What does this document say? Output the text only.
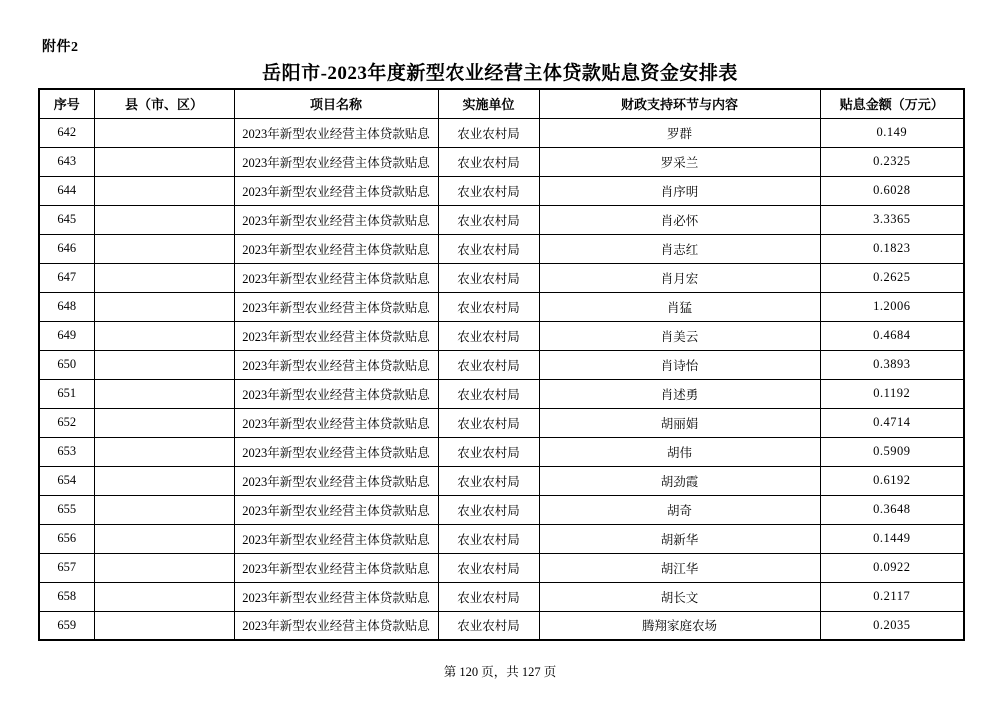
附件2
岳阳市-2023年度新型农业经营主体贷款贴息资金安排表
序号	县（市、区）	项目名称	实施单位	财政支持环节与内容	贴息金额（万元）
642		2023年新型农业经营主体贷款贴息	农业农村局	罗群	0.149
643		2023年新型农业经营主体贷款贴息	农业农村局	罗采兰	0.2325
644		2023年新型农业经营主体贷款贴息	农业农村局	肖序明	0.6028
645		2023年新型农业经营主体贷款贴息	农业农村局	肖必怀	3.3365
646		2023年新型农业经营主体贷款贴息	农业农村局	肖志红	0.1823
647		2023年新型农业经营主体贷款贴息	农业农村局	肖月宏	0.2625
648		2023年新型农业经营主体贷款贴息	农业农村局	肖猛	1.2006
649		2023年新型农业经营主体贷款贴息	农业农村局	肖美云	0.4684
650		2023年新型农业经营主体贷款贴息	农业农村局	肖诗怡	0.3893
651		2023年新型农业经营主体贷款贴息	农业农村局	肖述勇	0.1192
652		2023年新型农业经营主体贷款贴息	农业农村局	胡丽娟	0.4714
653		2023年新型农业经营主体贷款贴息	农业农村局	胡伟	0.5909
654		2023年新型农业经营主体贷款贴息	农业农村局	胡劲霞	0.6192
655		2023年新型农业经营主体贷款贴息	农业农村局	胡奇	0.3648
656		2023年新型农业经营主体贷款贴息	农业农村局	胡新华	0.1449
657		2023年新型农业经营主体贷款贴息	农业农村局	胡江华	0.0922
658		2023年新型农业经营主体贷款贴息	农业农村局	胡长文	0.2117
659		2023年新型农业经营主体贷款贴息	农业农村局	腾翔家庭农场	0.2035
第 120 页，共 127 页
